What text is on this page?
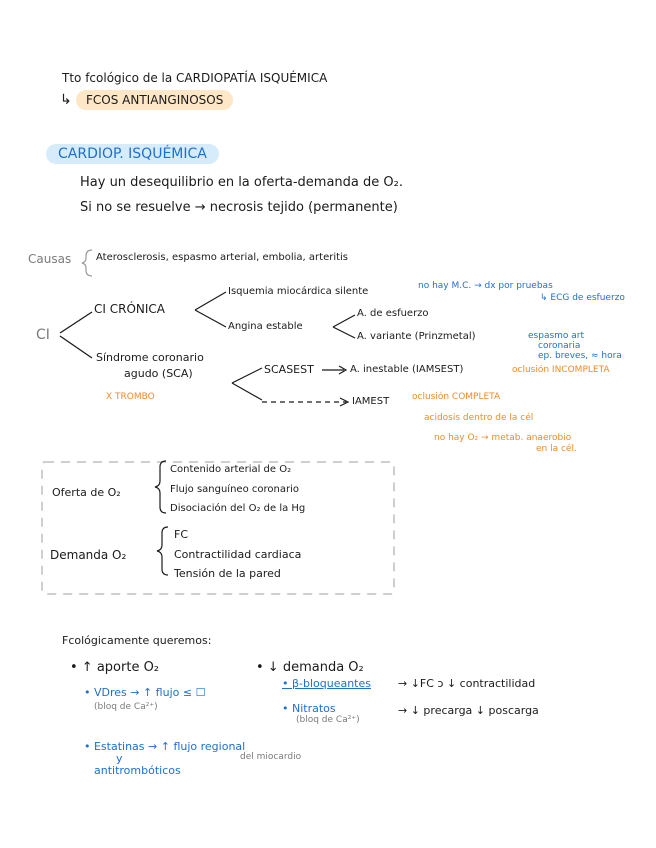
Tto fcológico de la CARDIOPATÍA ISQUÉMICA
↳	FCOS ANTIANGINOSOS
CARDIOP. ISQUÉMICA
Hay un desequilibrio en la oferta-demanda de O₂.
Si no se resuelve → necrosis tejido (permanente)
Causas Aterosclerosis, espasmo arterial, embolia, arteritis
CI
CI CRÓNICA
Isquemia miocárdica silente	no hay M.C. → dx por pruebas
↳ ECG de esfuerzo
Angina estable
A. de esfuerzo
A. variante (Prinzmetal)	espasmo art
coronaria
ep. breves, ≈ hora
Síndrome coronario
agudo (SCA)
X TROMBO
SCASEST	A. inestable (IAMSEST)	oclusión INCOMPLETA
IAMEST	oclusión COMPLETA
acidosis dentro de la cél
no hay O₂ → metab. anaerobio
en la cél.
Oferta de O₂
Contenido arterial de O₂
Flujo sanguíneo coronario
Disociación del O₂ de la Hg
Demanda O₂
FC
Contractilidad cardiaca
Tensión de la pared
Fcológicamente queremos:
• ↑ aporte O₂	• ↓ demanda O₂
• VDres → ↑ flujo ≤ ☐
(bloq de Ca²⁺)
• β-bloqueantes → ↓FC ɔ ↓ contractilidad
• Nitratos
(bloq de Ca²⁺)
→ ↓ precarga ↓ poscarga
• Estatinas → ↑ flujo regional
del miocardio
y
antitrombóticos
